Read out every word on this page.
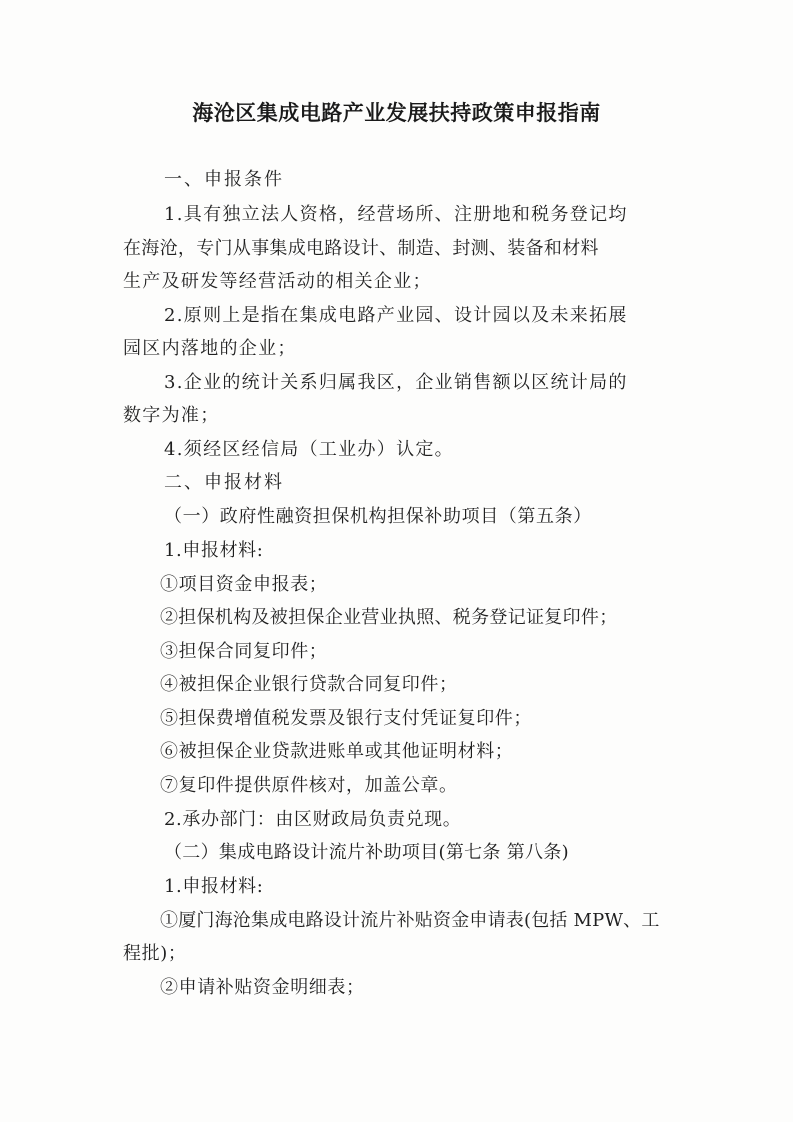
海沧区集成电路产业发展扶持政策申报指南
一、申报条件
1.具有独立法人资格，经营场所、注册地和税务登记均
在海沧，专门从事集成电路设计、制造、封测、装备和材料
生产及研发等经营活动的相关企业；
2.原则上是指在集成电路产业园、设计园以及未来拓展
园区内落地的企业；
3.企业的统计关系归属我区，企业销售额以区统计局的
数字为准；
4.须经区经信局（工业办）认定。
二、申报材料
（一）政府性融资担保机构担保补助项目（第五条）
1.申报材料:
①项目资金申报表；
②担保机构及被担保企业营业执照、税务登记证复印件；
③担保合同复印件；
④被担保企业银行贷款合同复印件；
⑤担保费增值税发票及银行支付凭证复印件；
⑥被担保企业贷款进账单或其他证明材料；
⑦复印件提供原件核对，加盖公章。
2.承办部门：由区财政局负责兑现。
（二）集成电路设计流片补助项目(第七条 第八条)
1.申报材料:
①厦门海沧集成电路设计流片补贴资金申请表(包括 MPW、工
程批)；
②申请补贴资金明细表；
